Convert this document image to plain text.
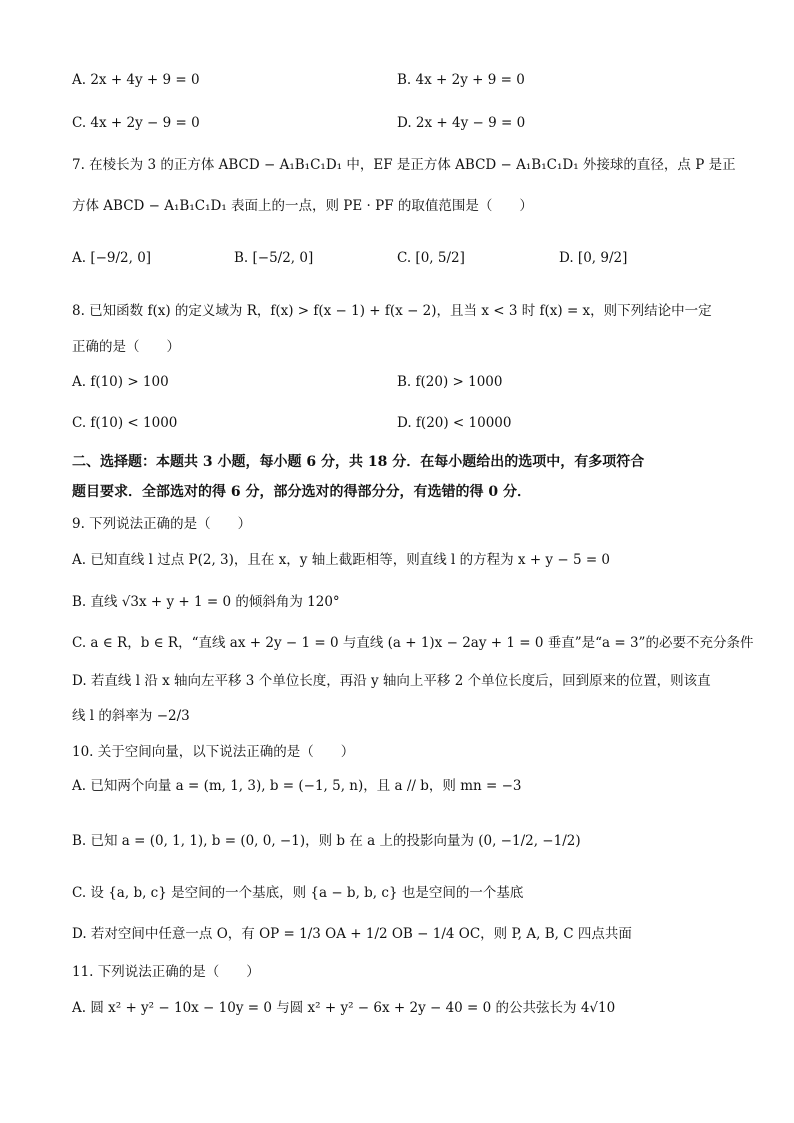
A. 2x + 4y + 9 = 0	B. 4x + 2y + 9 = 0
C. 4x + 2y − 9 = 0	D. 2x + 4y − 9 = 0
7. 在棱长为 3 的正方体 ABCD − A₁B₁C₁D₁ 中，EF 是正方体 ABCD − A₁B₁C₁D₁ 外接球的直径，点 P 是正
方体 ABCD − A₁B₁C₁D₁ 表面上的一点，则 PE · PF 的取值范围是（　　）
A. [−9/2, 0]	B. [−5/2, 0]	C. [0, 5/2]	D. [0, 9/2]
8. 已知函数 f(x) 的定义域为 R，f(x) > f(x − 1) + f(x − 2)，且当 x < 3 时 f(x) = x，则下列结论中一定
正确的是（　　）
A. f(10) > 100	B. f(20) > 1000
C. f(10) < 1000	D. f(20) < 10000
二、选择题：本题共 3 小题，每小题 6 分，共 18 分．在每小题给出的选项中，有多项符合
题目要求．全部选对的得 6 分，部分选对的得部分分，有选错的得 0 分．
9. 下列说法正确的是（　　）
A. 已知直线 l 过点 P(2, 3)，且在 x，y 轴上截距相等，则直线 l 的方程为 x + y − 5 = 0
B. 直线 √3x + y + 1 = 0 的倾斜角为 120°
C. a ∈ R，b ∈ R，“直线 ax + 2y − 1 = 0 与直线 (a + 1)x − 2ay + 1 = 0 垂直”是“a = 3”的必要不充分条件
D. 若直线 l 沿 x 轴向左平移 3 个单位长度，再沿 y 轴向上平移 2 个单位长度后，回到原来的位置，则该直
线 l 的斜率为 −2/3
10. 关于空间向量，以下说法正确的是（　　）
A. 已知两个向量 a = (m, 1, 3), b = (−1, 5, n)，且 a // b，则 mn = −3
B. 已知 a = (0, 1, 1), b = (0, 0, −1)，则 b 在 a 上的投影向量为 (0, −1/2, −1/2)
C. 设 {a, b, c} 是空间的一个基底，则 {a − b, b, c} 也是空间的一个基底
D. 若对空间中任意一点 O，有 OP = 1/3 OA + 1/2 OB − 1/4 OC，则 P, A, B, C 四点共面
11. 下列说法正确的是（　　）
A. 圆 x² + y² − 10x − 10y = 0 与圆 x² + y² − 6x + 2y − 40 = 0 的公共弦长为 4√10
